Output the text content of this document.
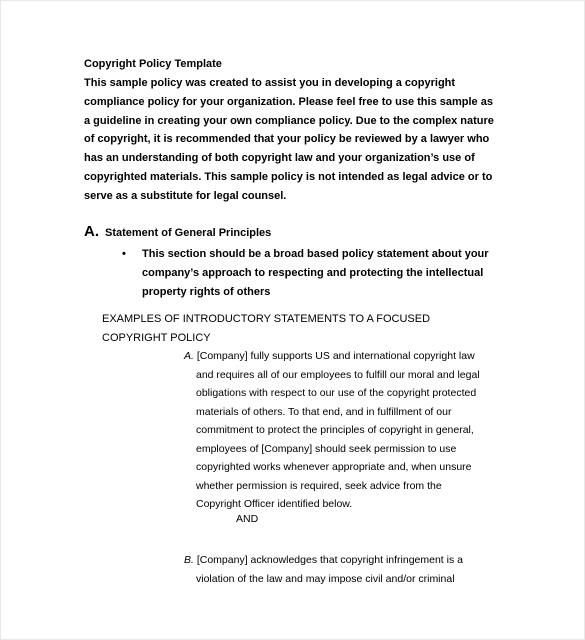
Copyright Policy Template
This sample policy was created to assist you in developing a copyright
compliance policy for your organization. Please feel free to use this sample as
a guideline in creating your own compliance policy. Due to the complex nature
of copyright, it is recommended that your policy be reviewed by a lawyer who
has an understanding of both copyright law and your organization’s use of
copyrighted materials. This sample policy is not intended as legal advice or to
serve as a substitute for legal counsel.
A. Statement of General Principles
• This section should be a broad based policy statement about your
company’s approach to respecting and protecting the intellectual
property rights of others
EXAMPLES OF INTRODUCTORY STATEMENTS TO A FOCUSED
COPYRIGHT POLICY
A. [Company] fully supports US and international copyright law
and requires all of our employees to fulfill our moral and legal
obligations with respect to our use of the copyright protected
materials of others. To that end, and in fulfillment of our
commitment to protect the principles of copyright in general,
employees of [Company] should seek permission to use
copyrighted works whenever appropriate and, when unsure
whether permission is required, seek advice from the
Copyright Officer identified below.
AND
B. [Company] acknowledges that copyright infringement is a
violation of the law and may impose civil and/or criminal
